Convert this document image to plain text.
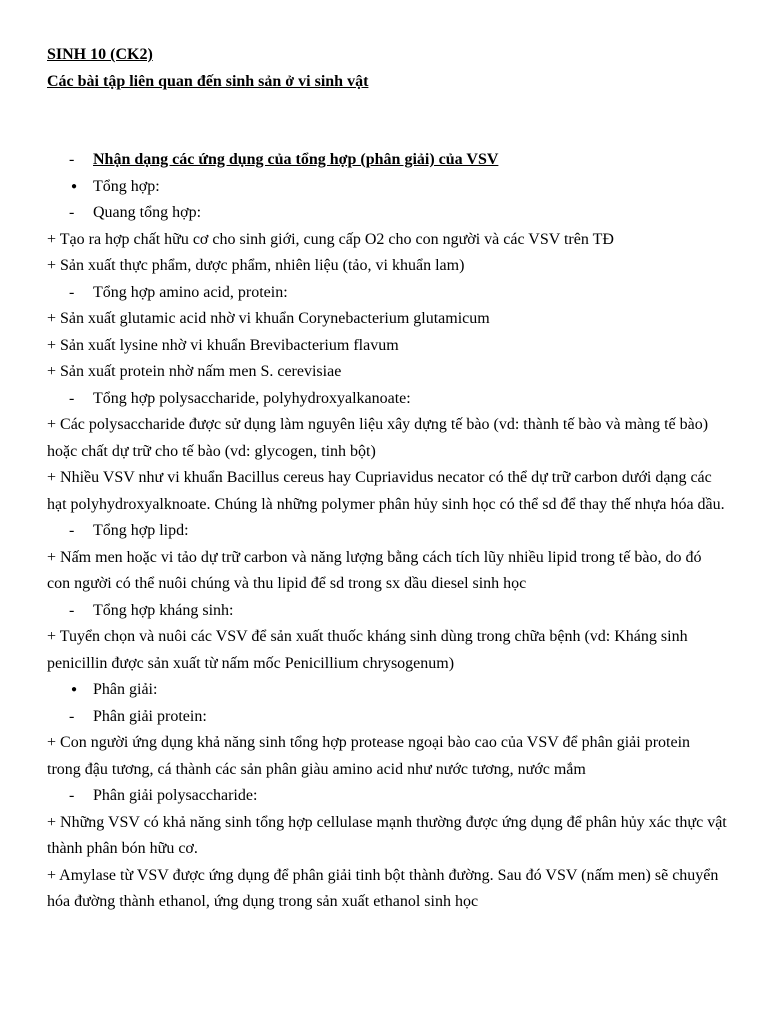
SINH 10 (CK2)
Các bài tập liên quan đến sinh sản ở vi sinh vật
- Nhận dạng các ứng dụng của tổng hợp (phân giải) của VSV
● Tổng hợp:
- Quang tổng hợp:
+ Tạo ra hợp chất hữu cơ cho sinh giới, cung cấp O2 cho con người và các VSV trên TĐ
+ Sản xuất thực phẩm, dược phẩm, nhiên liệu (tảo, vi khuẩn lam)
- Tổng hợp amino acid, protein:
+ Sản xuất glutamic acid nhờ vi khuẩn Corynebacterium glutamicum
+ Sản xuất lysine nhờ vi khuẩn Brevibacterium flavum
+ Sản xuất protein nhờ nấm men S. cerevisiae
- Tổng hợp polysaccharide, polyhydroxyalkanoate:
+ Các polysaccharide được sử dụng làm nguyên liệu xây dựng tế bào (vd: thành tế bào và màng tế bào) hoặc chất dự trữ cho tế bào (vd: glycogen, tinh bột)
+ Nhiều VSV như vi khuẩn Bacillus cereus hay Cupriavidus necator có thể dự trữ carbon dưới dạng các hạt polyhydroxyalknoate. Chúng là những polymer phân hủy sinh học có thể sd để thay thế nhựa hóa dầu.
- Tổng hợp lipd:
+ Nấm men hoặc vi tảo dự trữ carbon và năng lượng bằng cách tích lũy nhiều lipid trong tế bào, do đó con người có thể nuôi chúng và thu lipid để sd trong sx dầu diesel sinh học
- Tổng hợp kháng sinh:
+ Tuyển chọn và nuôi các VSV để sản xuất thuốc kháng sinh dùng trong chữa bệnh (vd: Kháng sinh penicillin được sản xuất từ nấm mốc Penicillium chrysogenum)
● Phân giải:
- Phân giải protein:
+ Con người ứng dụng khả năng sinh tổng hợp protease ngoại bào cao của VSV để phân giải protein trong đậu tương, cá thành các sản phân giàu amino acid như nước tương, nước mắm
- Phân giải polysaccharide:
+ Những VSV có khả năng sinh tổng hợp cellulase mạnh thường được ứng dụng để phân hủy xác thực vật thành phân bón hữu cơ.
+ Amylase từ VSV được ứng dụng để phân giải tinh bột thành đường. Sau đó VSV (nấm men) sẽ chuyển hóa đường thành ethanol, ứng dụng trong sản xuất ethanol sinh học
